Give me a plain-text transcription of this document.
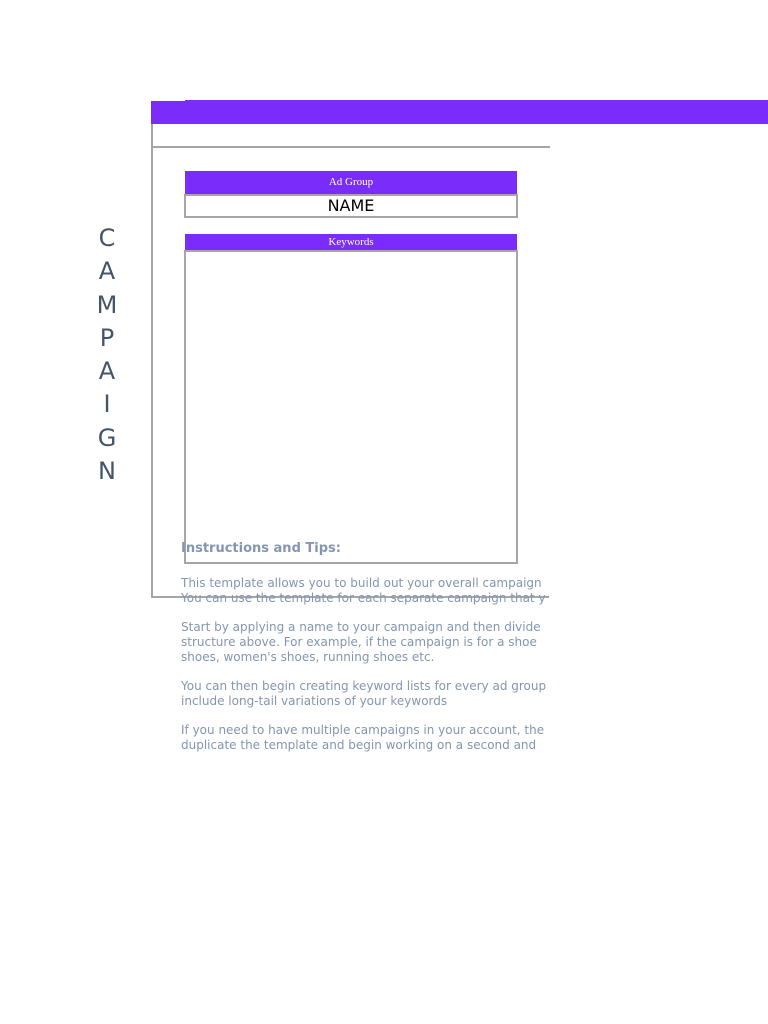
C
A
M
P
A
I
G
N
Ad Group
NAME
Keywords
Instructions and Tips:
This template allows you to build out your overall campaign
You can use the template for each separate campaign that y
Start by applying a name to your campaign and then divide
structure above. For example, if the campaign is for a shoe
shoes, women's shoes, running shoes etc.
You can then begin creating keyword lists for every ad group
include long-tail variations of your keywords
If you need to have multiple campaigns in your account, the
duplicate the template and begin working on a second and
